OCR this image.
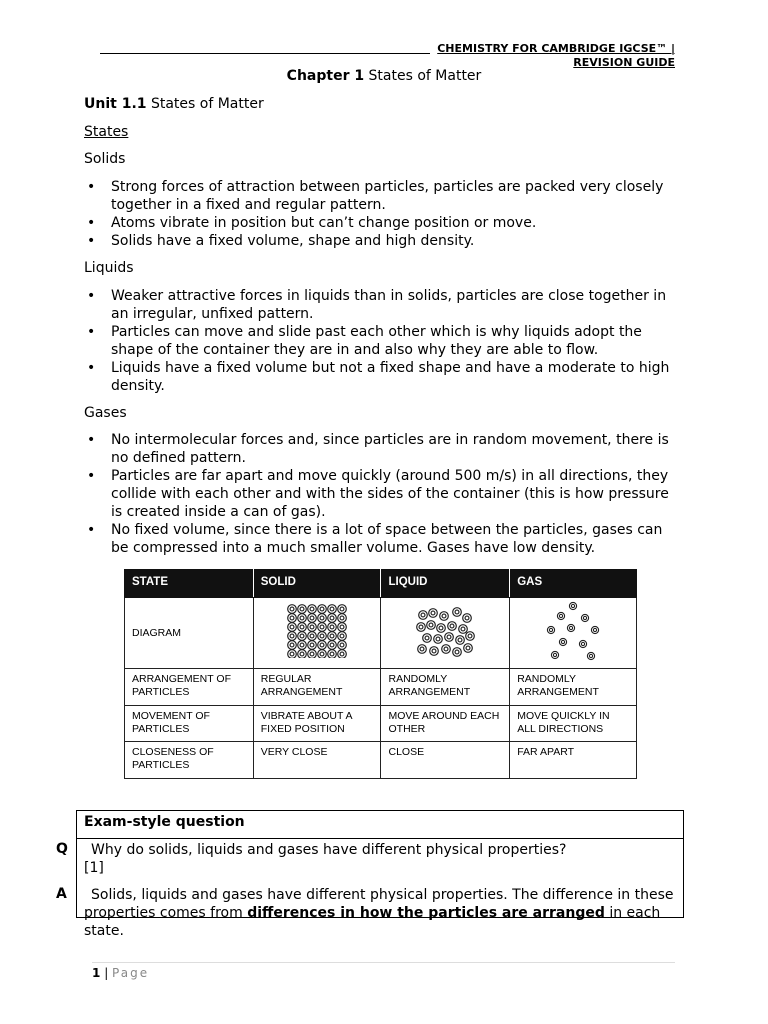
CHEMISTRY FOR CAMBRIDGE IGCSE™ |
REVISION GUIDE
Chapter 1 States of Matter
Unit 1.1 States of Matter
States
Solids
• Strong forces of attraction between particles, particles are packed very closely together in a fixed and regular pattern.
• Atoms vibrate in position but can’t change position or move.
• Solids have a fixed volume, shape and high density.
Liquids
• Weaker attractive forces in liquids than in solids, particles are close together in an irregular, unfixed pattern.
• Particles can move and slide past each other which is why liquids adopt the shape of the container they are in and also why they are able to flow.
• Liquids have a fixed volume but not a fixed shape and have a moderate to high density.
Gases
• No intermolecular forces and, since particles are in random movement, there is no defined pattern.
• Particles are far apart and move quickly (around 500 m/s) in all directions, they collide with each other and with the sides of the container (this is how pressure is created inside a can of gas).
• No fixed volume, since there is a lot of space between the particles, gases can be compressed into a much smaller volume. Gases have low density.
STATE	SOLID	LIQUID	GAS
DIAGRAM			
ARRANGEMENT OF PARTICLES	REGULAR ARRANGEMENT	RANDOMLY ARRANGEMENT	RANDOMLY ARRANGEMENT
MOVEMENT OF PARTICLES	VIBRATE ABOUT A FIXED POSITION	MOVE AROUND EACH OTHER	MOVE QUICKLY IN ALL DIRECTIONS
CLOSENESS OF PARTICLES	VERY CLOSE	CLOSE	FAR APART
Exam-style question
Q Why do solids, liquids and gases have different physical properties?
[1]
A	Solids, liquids and gases have different physical properties. The difference in these properties comes from differences in how the particles are arranged in each state.
1 | Page
